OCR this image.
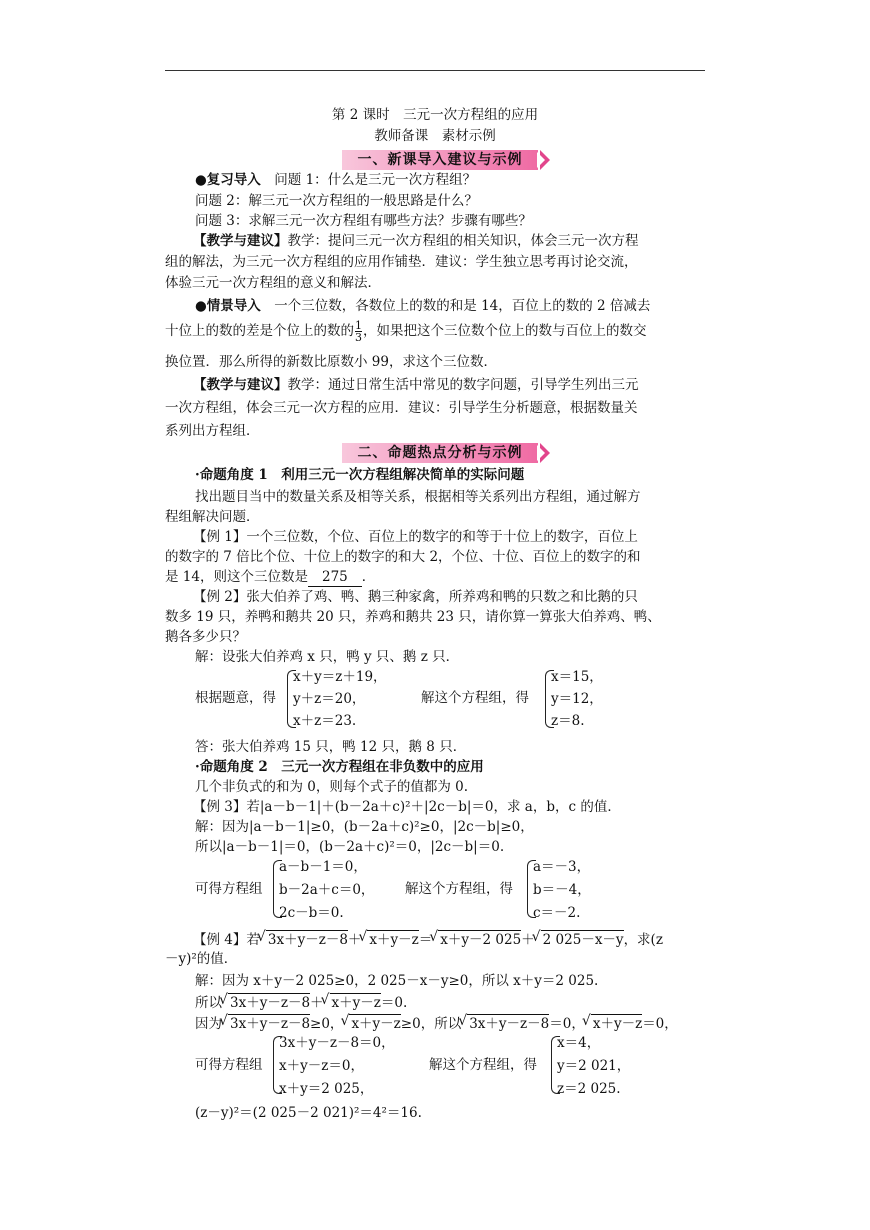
第 2 课时　三元一次方程组的应用
教师备课　素材示例
一、新课导入建议与示例
●复习导入　问题 1：什么是三元一次方程组？
问题 2：解三元一次方程组的一般思路是什么？
问题 3：求解三元一次方程组有哪些方法？步骤有哪些？
【教学与建议】教学：提问三元一次方程组的相关知识，体会三元一次方程
组的解法，为三元一次方程组的应用作铺垫．建议：学生独立思考再讨论交流，
体验三元一次方程组的意义和解法．
●情景导入　一个三位数，各数位上的数的和是 14，百位上的数的 2 倍减去
十位上的数的差是个位上的数的 $\frac{1}{3}$ ，如果把这个三位数个位上的数与百位上的数交
换位置．那么所得的新数比原数小 99，求这个三位数．
【教学与建议】教学：通过日常生活中常见的数字问题，引导学生列出三元
一次方程组，体会三元一次方程的应用．建议：引导学生分析题意，根据数量关
系列出方程组．
二、命题热点分析与示例
·命题角度 1　利用三元一次方程组解决简单的实际问题
找出题目当中的数量关系及相等关系，根据相等关系列出方程组，通过解方
程组解决问题．
【例 1】一个三位数，个位、百位上的数字的和等于十位上的数字，百位上
的数字的 7 倍比个位、十位上的数字的和大 2，个位、十位、百位上的数字的和
是 14，则这个三位数是 275 ．
【例 2】张大伯养了鸡、鸭、鹅三种家禽，所养鸡和鸭的只数之和比鹅的只
数多 19 只，养鸭和鹅共 20 只，养鸡和鹅共 23 只，请你算一算张大伯养鸡、鸭、
鹅各多少只？
解：设张大伯养鸡 x 只，鸭 y 只、鹅 z 只．
根据题意，得
x＋y＝z＋19，
y＋z＝20，
x＋z＝23.
解这个方程组，得
x＝15，
y＝12，
z＝8.
答：张大伯养鸡 15 只，鸭 12 只，鹅 8 只．
·命题角度 2　三元一次方程组在非负数中的应用
几个非负式的和为 0，则每个式子的值都为 0.
【例 3】若|a－b－1|＋(b－2a＋c)²＋|2c－b|＝0，求 a，b，c 的值．
解：因为|a－b－1|≥0，(b－2a＋c)²≥0，|2c－b|≥0，
所以|a－b－1|＝0，(b－2a＋c)²＝0，|2c－b|＝0.
可得方程组
a－b－1＝0，
b－2a＋c＝0，
2c－b＝0.
解这个方程组，得
a＝－3，
b＝－4，
c＝－2.
【例 4】若 √ 3x＋y－z－8＋ √ x＋y－z＝ √ x＋y－2 025＋ √ 2 025－x－y，求(z
－y)²的值．
解：因为 x＋y－2 025≥0，2 025－x－y≥0，所以 x＋y＝2 025.
所以 √ 3x＋y－z－8＋ √ x＋y－z＝0.
因为 √ 3x＋y－z－8≥0， √ x＋y－z≥0，所以 √ 3x＋y－z－8＝0， √ x＋y－z＝0，
可得方程组
3x＋y－z－8＝0，
x＋y－z＝0，
x＋y＝2 025，
解这个方程组，得
x＝4，
y＝2 021，
z＝2 025.
(z－y)²＝(2 025－2 021)²＝4²＝16.
